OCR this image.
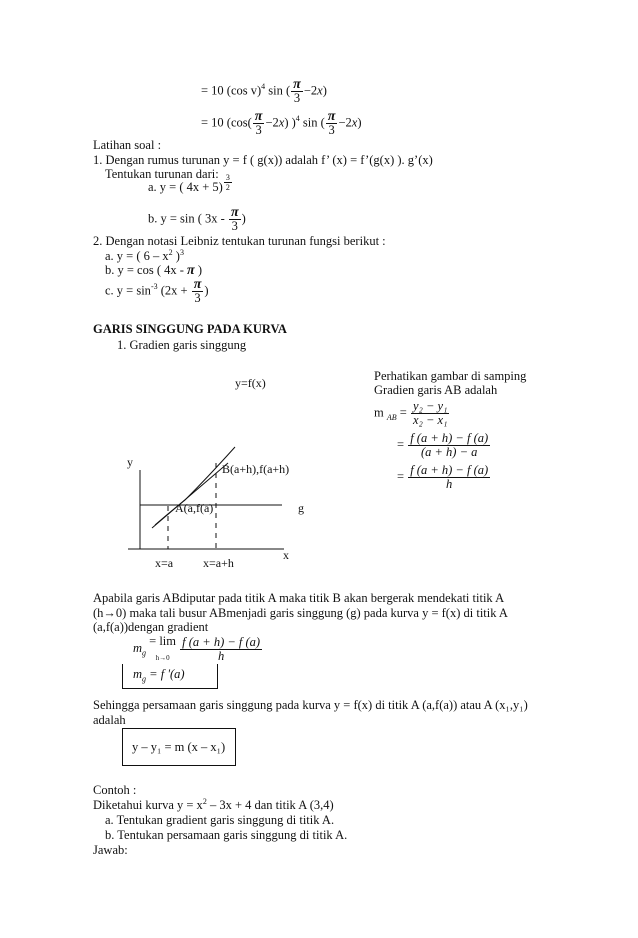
= 10 (cos v)$^4$ sin ( $\frac{\pi}{3} -2x$)
= 10 ($\cos( \frac{\pi}{3} -2x)$ )$^4$ sin ( $\frac{\pi}{3} -2x$)
Latihan soal :
1. Dengan rumus turunan y = f ( g(x)) adalah f’ (x) = f’(g(x) ). g’(x)
Tentukan turunan dari:
a. y = ( $4x + 5) \frac{3}{2}$
b. y = sin ( $3x - \frac{\pi}{3}$ )
2. Dengan notasi Leibniz tentukan turunan fungsi berikut :
a. y = ( $6 - x^2$ )$^3$
b. y = cos ( 4x - π )
c. $y = \sin^{-3} (2x + \frac{\pi}{3}$ )
GARIS SINGGUNG PADA KURVA
1. Gradien garis singgung
y=f(x)
y	B(a+h),f(a+h)
A(a,f(a)	g
x
x=a x=a+h
Perhatikan gambar di samping
Gradien garis AB adalah
m $_{AB} = \frac{\text{y₂ − y₁}}{\text{x₂ − x₁}}$
= $\frac{f (a + h) - f (a)}{(a + h) - a}$
= $\frac{f (a + h) - f (a)}{h}$
Apabila garis ABdiputar pada titik A maka titik B akan bergerak mendekati titik A
(h→0) maka tali busur ABmenjadi garis singgung (g) pada kurva y = f(x) di titik A
(a,f(a))dengan gradient
$m_g = \lim$
$h\to 0 \frac{f (a + h) - f (a)}{h}$
$m_g = f$ '(a)
Sehingga persamaan garis singgung pada kurva y = f(x) di titik A (a,f(a)) atau A (x₁,y₁)
adalah
y – y₁ = m (x – x₁)
Contoh :
Diketahui kurva $y = x^2 - 3x + 4$ dan titik A (3,4)
a. Tentukan gradient garis singgung di titik A.
b. Tentukan persamaan garis singgung di titik A.
Jawab:
